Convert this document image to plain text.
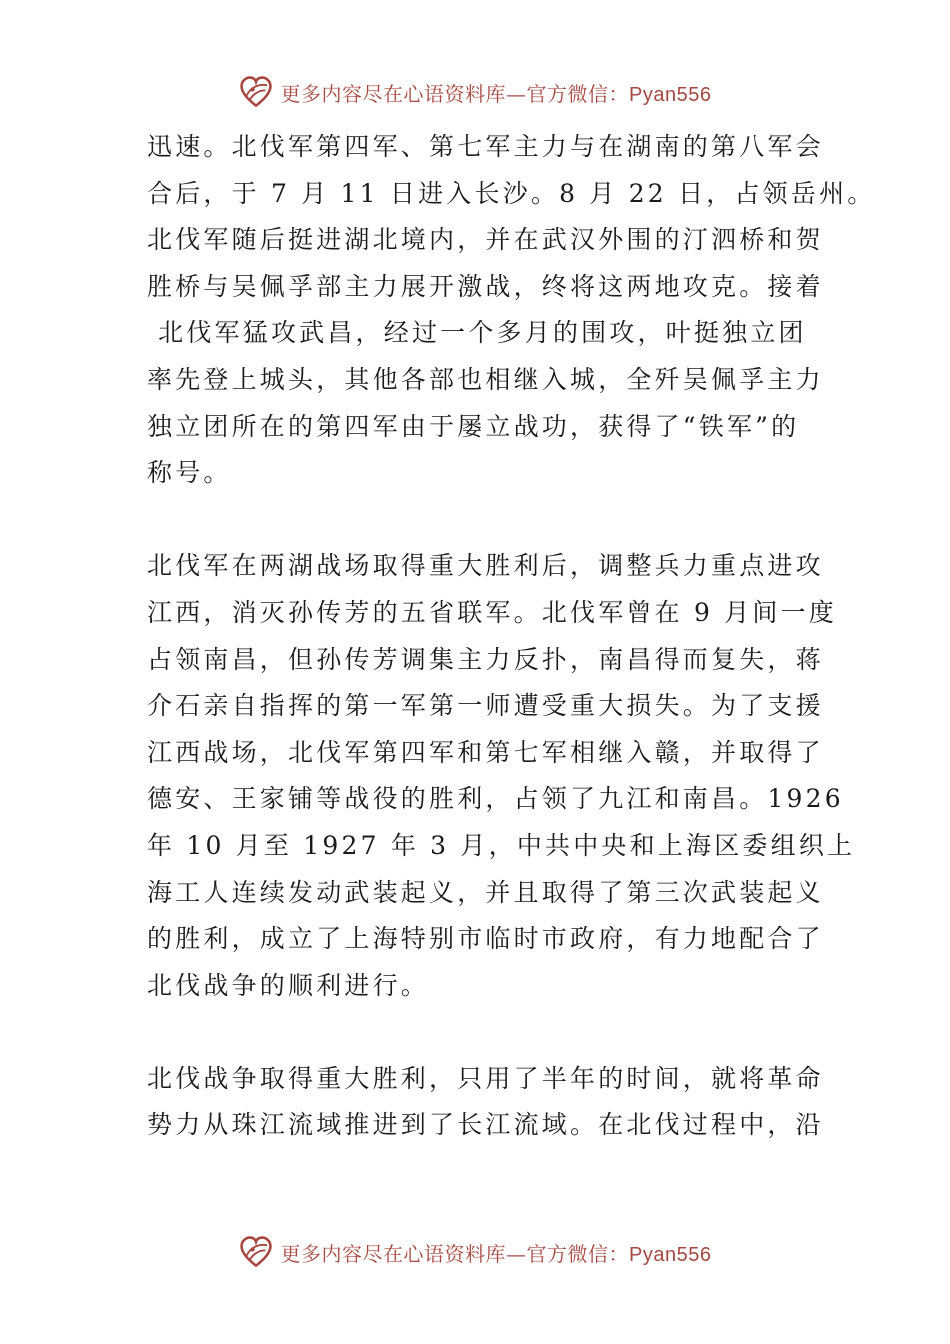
更多内容尽在心语资料库—官方微信：Pyan556

迅速。北伐军第四军、第七军主力与在湖南的第八军会
合后，于 7 月 11 日进入长沙。8 月 22 日，占领岳州。
北伐军随后挺进湖北境内，并在武汉外围的汀泗桥和贺
胜桥与吴佩孚部主力展开激战，终将这两地攻克。接着
北伐军猛攻武昌，经过一个多月的围攻，叶挺独立团
率先登上城头，其他各部也相继入城，全歼吴佩孚主力
独立团所在的第四军由于屡立战功，获得了“铁军”的
称号。

北伐军在两湖战场取得重大胜利后，调整兵力重点进攻
江西，消灭孙传芳的五省联军。北伐军曾在 9 月间一度
占领南昌，但孙传芳调集主力反扑，南昌得而复失，蒋
介石亲自指挥的第一军第一师遭受重大损失。为了支援
江西战场，北伐军第四军和第七军相继入赣，并取得了
德安、王家铺等战役的胜利，占领了九江和南昌。1926
年 10 月至 1927 年 3 月，中共中央和上海区委组织上
海工人连续发动武装起义，并且取得了第三次武装起义
的胜利，成立了上海特别市临时市政府，有力地配合了
北伐战争的顺利进行。

北伐战争取得重大胜利，只用了半年的时间，就将革命
势力从珠江流域推进到了长江流域。在北伐过程中，沿

更多内容尽在心语资料库—官方微信：Pyan556
